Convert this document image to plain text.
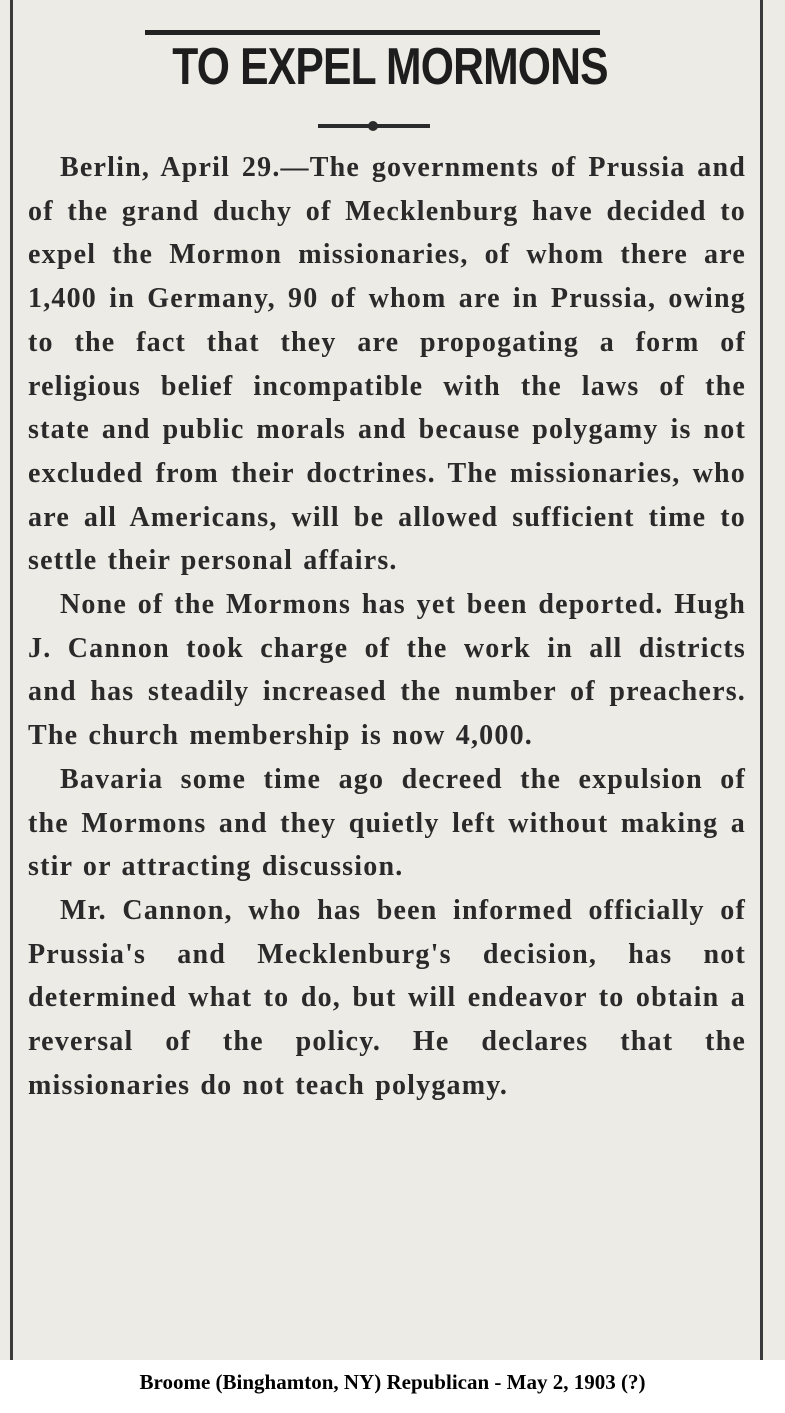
TO EXPEL MORMONS

Berlin, April 29.—The governments of Prussia and of the grand duchy of Mecklenburg have decided to expel the Mormon missionaries, of whom there are 1,400 in Germany, 90 of whom are in Prussia, owing to the fact that they are propogating a form of religious belief incompatible with the laws of the state and public morals and because polygamy is not excluded from their doctrines. The missionaries, who are all Americans, will be allowed sufficient time to settle their personal affairs.

None of the Mormons has yet been deported. Hugh J. Cannon took charge of the work in all districts and has steadily increased the number of preachers. The church membership is now 4,000.

Bavaria some time ago decreed the expulsion of the Mormons and they quietly left without making a stir or attracting discussion.

Mr. Cannon, who has been informed officially of Prussia's and Mecklenburg's decision, has not determined what to do, but will endeavor to obtain a reversal of the policy. He declares that the missionaries do not teach polygamy.

Broome (Binghamton, NY) Republican - May 2, 1903 (?)
